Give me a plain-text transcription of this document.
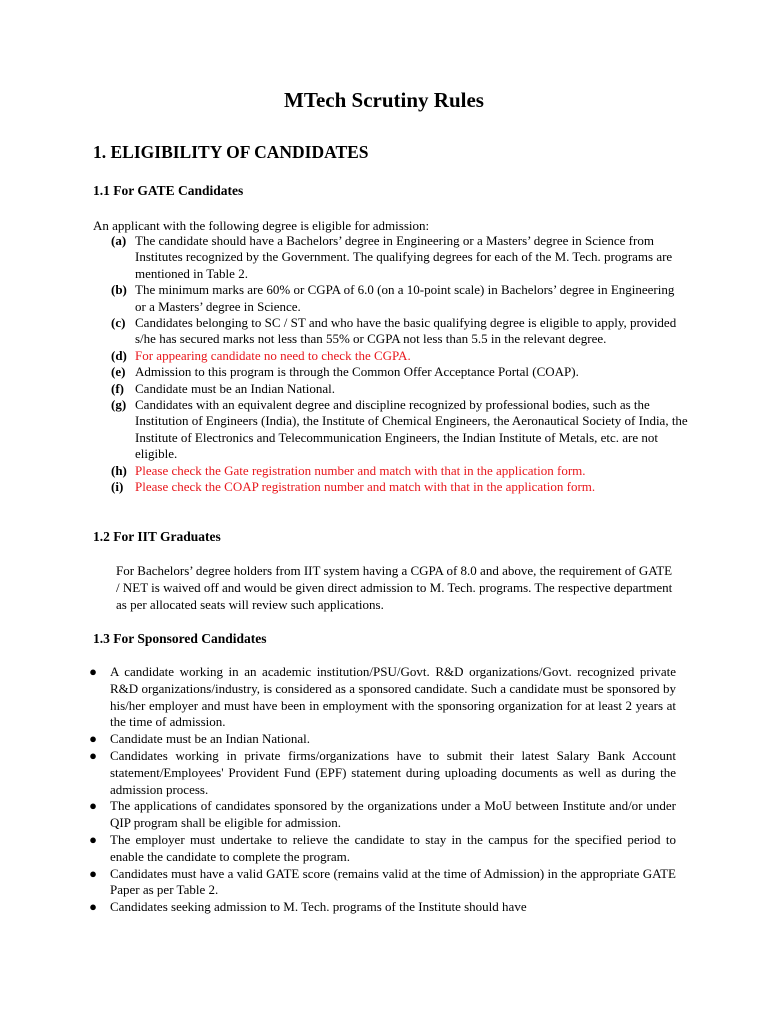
MTech Scrutiny Rules
1. ELIGIBILITY OF CANDIDATES
1.1 For GATE Candidates

An applicant with the following degree is eligible for admission:

(a) The candidate should have a Bachelors’ degree in Engineering or a Masters’ degree in Science from Institutes recognized by the Government. The qualifying degrees for each of the M. Tech. programs are mentioned in Table 2.
(b) The minimum marks are 60% or CGPA of 6.0 (on a 10-point scale) in Bachelors’ degree in Engineering or a Masters’ degree in Science.
(c) Candidates belonging to SC / ST and who have the basic qualifying degree is eligible to apply, provided s/he has secured marks not less than 55% or CGPA not less than 5.5 in the relevant degree.
(d) For appearing candidate no need to check the CGPA.
(e) Admission to this program is through the Common Offer Acceptance Portal (COAP).
(f) Candidate must be an Indian National.
(g) Candidates with an equivalent degree and discipline recognized by professional bodies, such as the Institution of Engineers (India), the Institute of Chemical Engineers, the Aeronautical Society of India, the Institute of Electronics and Telecommunication Engineers, the Indian Institute of Metals, etc. are not eligible.
(h) Please check the Gate registration number and match with that in the application form.
(i) Please check the COAP registration number and match with that in the application form.
1.2 For IIT Graduates

For Bachelors’ degree holders from IIT system having a CGPA of 8.0 and above, the requirement of GATE / NET is waived off and would be given direct admission to M. Tech. programs. The respective department as per allocated seats will review such applications.

1.3 For Sponsored Candidates
● A candidate working in an academic institution/PSU/Govt. R&D organizations/Govt. recognized private R&D organizations/industry, is considered as a sponsored candidate. Such a candidate must be sponsored by his/her employer and must have been in employment with the sponsoring organization for at least 2 years at the time of admission.
● Candidate must be an Indian National.
● Candidates working in private firms/organizations have to submit their latest Salary Bank Account statement/Employees' Provident Fund (EPF) statement during uploading documents as well as during the admission process.
● The applications of candidates sponsored by the organizations under a MoU between Institute and/or under QIP program shall be eligible for admission.
● The employer must undertake to relieve the candidate to stay in the campus for the specified period to enable the candidate to complete the program.
● Candidates must have a valid GATE score (remains valid at the time of Admission) in the appropriate GATE Paper as per Table 2.
● Candidates seeking admission to M. Tech. programs of the Institute should have
